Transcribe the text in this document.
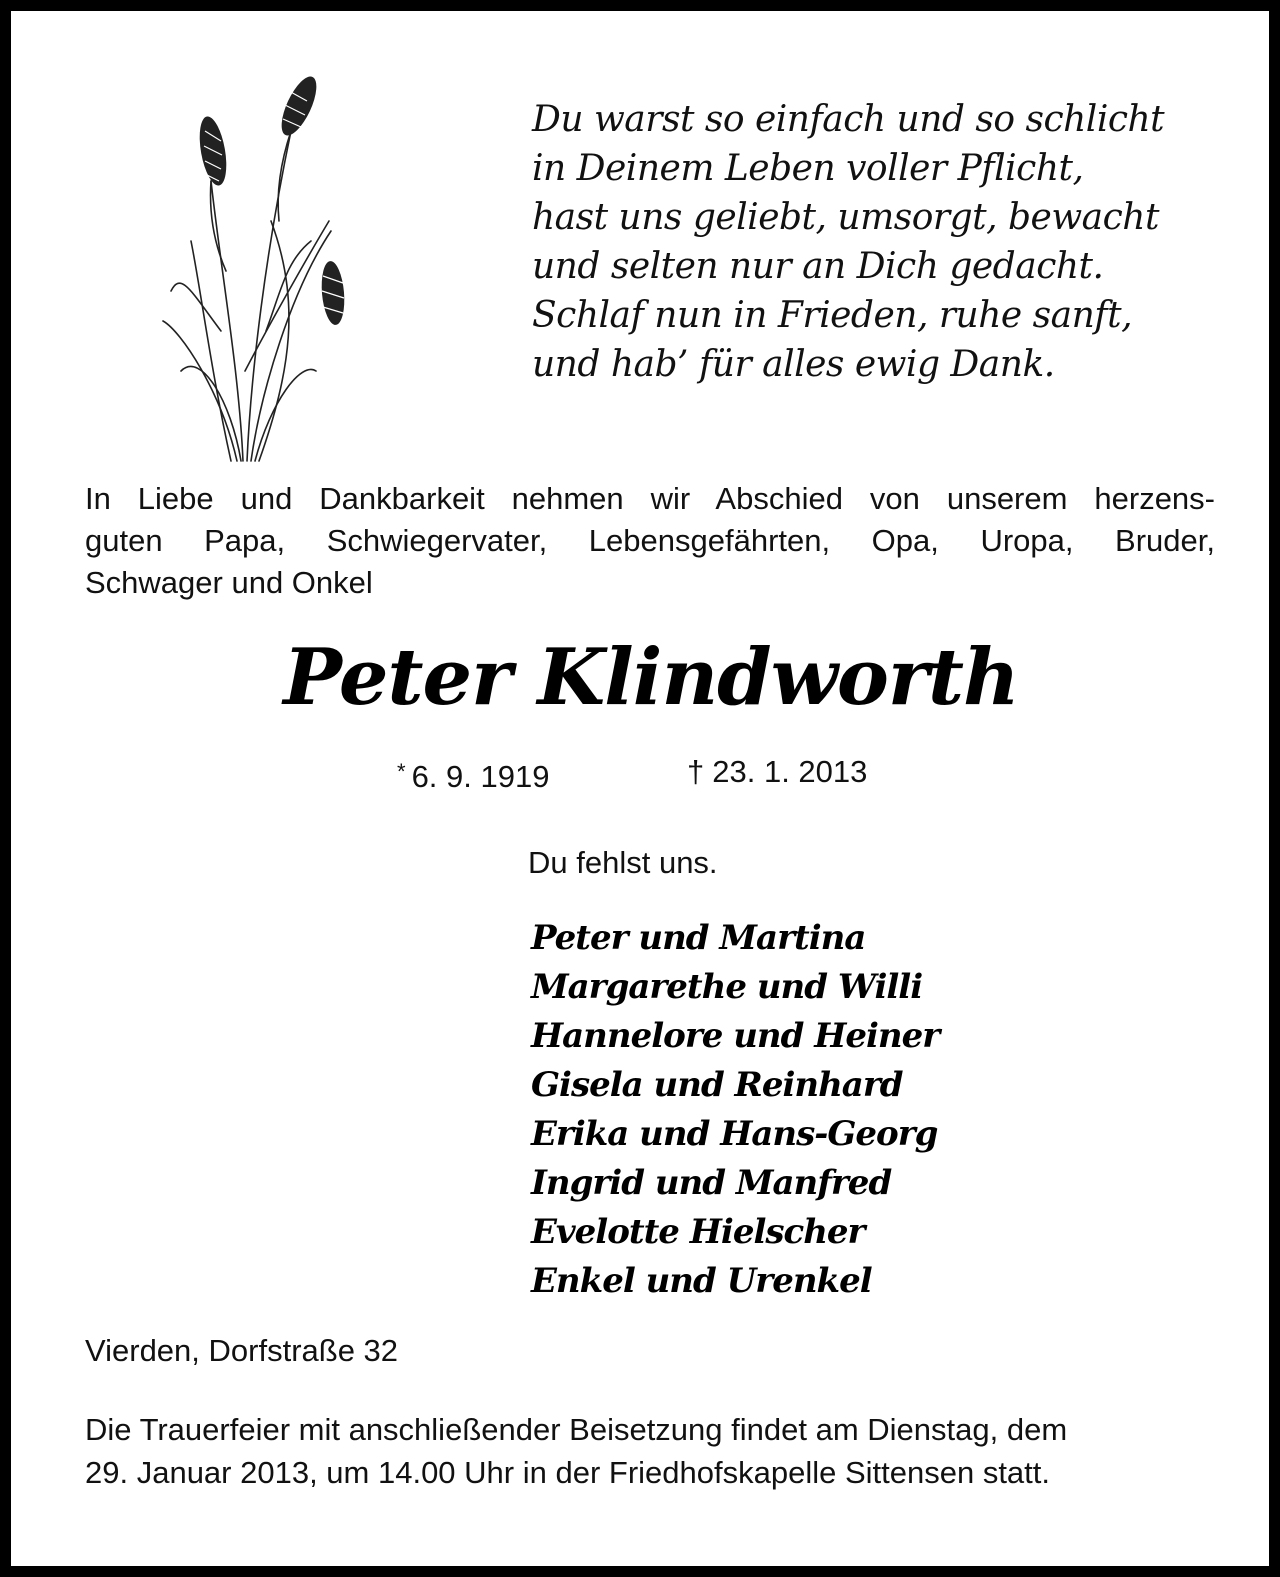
Du warst so einfach und so schlicht
in Deinem Leben voller Pflicht,
hast uns geliebt, umsorgt, bewacht
und selten nur an Dich gedacht.
Schlaf nun in Frieden, ruhe sanft,
und hab’ für alles ewig Dank.
In Liebe und Dankbarkeit nehmen wir Abschied von unserem herzens-
guten Papa, Schwiegervater, Lebensgefährten, Opa, Uropa, Bruder,
Schwager und Onkel
Peter Klindworth
* 6. 9. 1919	† 23. 1. 2013
Du fehlst uns.
Peter und Martina
Margarethe und Willi
Hannelore und Heiner
Gisela und Reinhard
Erika und Hans-Georg
Ingrid und Manfred
Evelotte Hielscher
Enkel und Urenkel
Vierden, Dorfstraße 32
Die Trauerfeier mit anschließender Beisetzung findet am Dienstag, dem
29. Januar 2013, um 14.00 Uhr in der Friedhofskapelle Sittensen statt.
